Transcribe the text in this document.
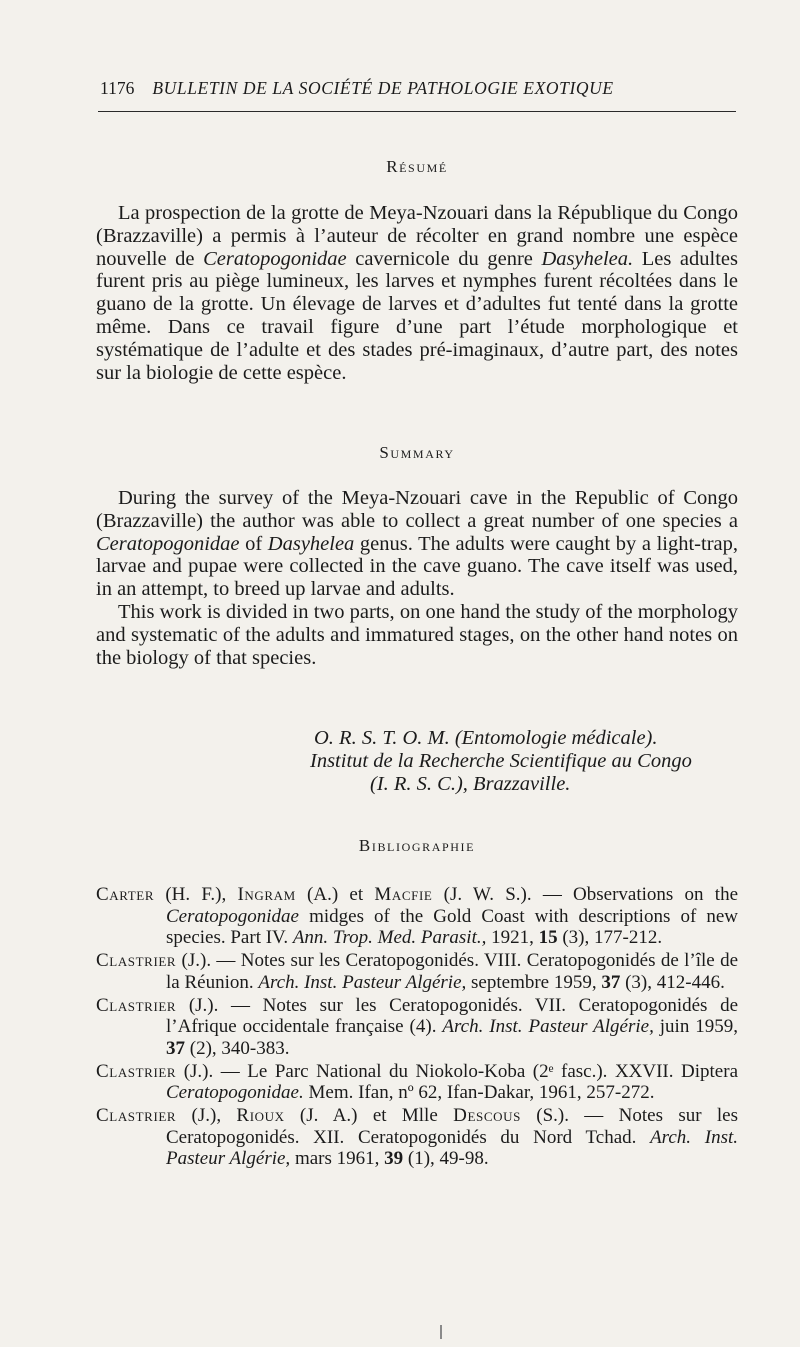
1176 BULLETIN DE LA SOCIÉTÉ DE PATHOLOGIE EXOTIQUE
Résumé

La prospection de la grotte de Meya-Nzouari dans la République du Congo (Brazzaville) a permis à l’auteur de récolter en grand nombre une espèce nouvelle de Ceratopogonidae cavernicole du genre Dasyhelea. Les adultes furent pris au piège lumineux, les larves et nymphes furent récoltées dans le guano de la grotte. Un élevage de larves et d’adultes fut tenté dans la grotte même. Dans ce travail figure d’une part l’étude morphologique et systématique de l’adulte et des stades pré-imaginaux, d’autre part, des notes sur la biologie de cette espèce.

Summary

During the survey of the Meya-Nzouari cave in the Republic of Congo (Brazzaville) the author was able to collect a great number of one species a Ceratopogonidae of Dasyhelea genus. The adults were caught by a light-trap, larvae and pupae were collected in the cave guano. The cave itself was used, in an attempt, to breed up larvae and adults.

This work is divided in two parts, on one hand the study of the morphology and systematic of the adults and immatured stages, on the other hand notes on the biology of that species.

O. R. S. T. O. M. (Entomologie médicale).
Institut de la Recherche Scientifique au Congo
(I. R. S. C.), Brazzaville.
Bibliographie

Carter (H. F.), Ingram (A.) et Macfie (J. W. S.). — Observations on the Ceratopogonidae midges of the Gold Coast with descriptions of new species. Part IV. Ann. Trop. Med. Parasit., 1921, 15 (3), 177-212.

Clastrier (J.). — Notes sur les Ceratopogonidés. VIII. Ceratopogonidés de l’île de la Réunion. Arch. Inst. Pasteur Algérie, septembre 1959, 37 (3), 412-446.

Clastrier (J.). — Notes sur les Ceratopogonidés. VII. Ceratopogonidés de l’Afrique occidentale française (4). Arch. Inst. Pasteur Algérie, juin 1959, 37 (2), 340-383.

Clastrier (J.). — Le Parc National du Niokolo-Koba (2ᵉ fasc.). XXVII. Diptera Ceratopogonidae. Mem. Ifan, nº 62, Ifan-Dakar, 1961, 257-272.

Clastrier (J.), Rioux (J. A.) et Mlle Descous (S.). — Notes sur les Ceratopogonidés. XII. Ceratopogonidés du Nord Tchad. Arch. Inst. Pasteur Algérie, mars 1961, 39 (1), 49-98.
